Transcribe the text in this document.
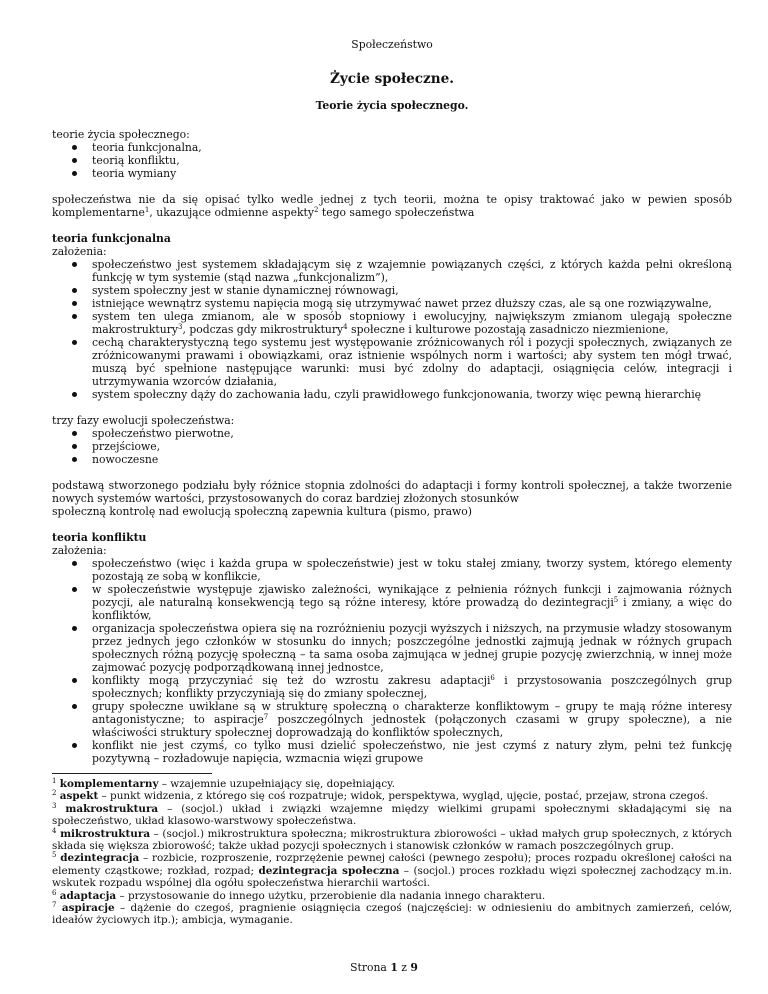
Społeczeństwo
Życie społeczne.
Teorie życia społecznego.

teorie życia społecznego:

teoria funkcjonalna,
teorią konfliktu,
teoria wymiany

społeczeństwa nie da się opisać tylko wedle jednej z tych teorii, można te opisy traktować jako w pewien sposób komplementarne$^1$, ukazujące odmienne aspekty$^2$ tego samego społeczeństwa

teoria funkcjonalna

założenia:

społeczeństwo jest systemem składającym się z wzajemnie powiązanych części, z których każda pełni określoną funkcję w tym systemie (stąd nazwa „funkcjonalizm”),
system społeczny jest w stanie dynamicznej równowagi,
istniejące wewnątrz systemu napięcia mogą się utrzymywać nawet przez dłuższy czas, ale są one rozwiązywalne,
system ten ulega zmianom, ale w sposób stopniowy i ewolucyjny, największym zmianom ulegają społeczne makrostruktury$^3$, podczas gdy mikrostruktury$^4$ społeczne i kulturowe pozostają zasadniczo niezmienione,
cechą charakterystyczną tego systemu jest występowanie zróżnicowanych ról i pozycji społecznych, związanych ze zróżnicowanymi prawami i obowiązkami, oraz istnienie wspólnych norm i wartości; aby system ten mógł trwać, muszą być spełnione następujące warunki: musi być zdolny do adaptacji, osiągnięcia celów, integracji i utrzymywania wzorców działania,
system społeczny dąży do zachowania ładu, czyli prawidłowego funkcjonowania, tworzy więc pewną hierarchię

trzy fazy ewolucji społeczeństwa:

społeczeństwo pierwotne,
przejściowe,
nowoczesne

podstawą stworzonego podziału były różnice stopnia zdolności do adaptacji i formy kontroli społecznej, a także tworzenie nowych systemów wartości, przystosowanych do coraz bardziej złożonych stosunków

społeczną kontrolę nad ewolucją społeczną zapewnia kultura (pismo, prawo)

teoria konfliktu

założenia:

społeczeństwo (więc i każda grupa w społeczeństwie) jest w toku stałej zmiany, tworzy system, którego elementy pozostają ze sobą w konflikcie,
w społeczeństwie występuje zjawisko zależności, wynikające z pełnienia różnych funkcji i zajmowania różnych pozycji, ale naturalną konsekwencją tego są różne interesy, które prowadzą do dezintegracji$^5$ i zmiany, a więc do konfliktów,
organizacja społeczeństwa opiera się na rozróżnieniu pozycji wyższych i niższych, na przymusie władzy stosowanym przez jednych jego członków w stosunku do innych; poszczególne jednostki zajmują jednak w różnych grupach społecznych różną pozycję społeczną – ta sama osoba zajmująca w jednej grupie pozycję zwierzchnią, w innej może zajmować pozycję podporządkowaną innej jednostce,
konflikty mogą przyczyniać się też do wzrostu zakresu adaptacji$^6$ i przystosowania poszczególnych grup społecznych; konflikty przyczyniają się do zmiany społecznej,
grupy społeczne uwikłane są w strukturę społeczną o charakterze konfliktowym – grupy te mają różne interesy antagonistyczne; to aspiracje$^7$ poszczególnych jednostek (połączonych czasami w grupy społeczne), a nie właściwości struktury społecznej doprowadzają do konfliktów społecznych,
konflikt nie jest czymś, co tylko musi dzielić społeczeństwo, nie jest czymś z natury złym, pełni też funkcję pozytywną – rozładowuje napięcia, wzmacnia więzi grupowe

$^1$ komplementarny – wzajemnie uzupełniający się, dopełniający.

$^2$ aspekt – punkt widzenia, z którego się coś rozpatruje; widok, perspektywa, wygląd, ujęcie, postać, przejaw, strona czegoś.

$^3$ makrostruktura – (socjol.) układ i związki wzajemne między wielkimi grupami społecznymi składającymi się na społeczeństwo, układ klasowo-warstwowy społeczeństwa.

$^4$ mikrostruktura – (socjol.) mikrostruktura społeczna; mikrostruktura zbiorowości – układ małych grup społecznych, z których składa się większa zbiorowość; także układ pozycji społecznych i stanowisk członków w ramach poszczególnych grup.

$^5$ dezintegracja – rozbicie, rozproszenie, rozprzężenie pewnej całości (pewnego zespołu); proces rozpadu określonej całości na elementy cząstkowe; rozkład, rozpad; dezintegracja społeczna – (socjol.) proces rozkładu więzi społecznej zachodzący m.in. wskutek rozpadu wspólnej dla ogółu społeczeństwa hierarchii wartości.

$^6$ adaptacja – przystosowanie do innego użytku, przerobienie dla nadania innego charakteru.

$^7$ aspiracje – dążenie do czegoś, pragnienie osiągnięcia czegoś (najczęściej: w odniesieniu do ambitnych zamierzeń, celów, ideałów życiowych itp.); ambicja, wymaganie.

Strona 1 z 9
